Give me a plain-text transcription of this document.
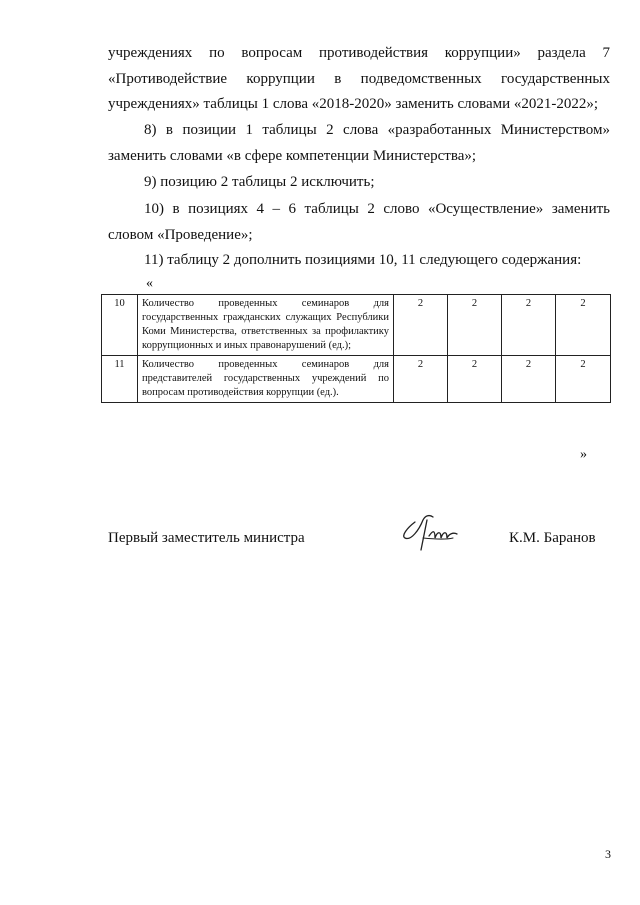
учреждениях по вопросам противодействия коррупции» раздела 7 «Противодействие коррупции в подведомственных государственных учреждениях» таблицы 1 слова «2018-2020» заменить словами «2021-2022»;

8) в позиции 1 таблицы 2 слова «разработанных Министерством» заменить словами «в сфере компетенции Министерства»;

9) позицию 2 таблицы 2 исключить;

10) в позициях 4 – 6 таблицы 2 слово «Осуществление» заменить словом «Проведение»;

11) таблицу 2 дополнить позициями 10, 11 следующего содержания:

«
10	Количество проведенных семинаров для государственных гражданских служащих Республики Коми Министерства, ответственных за профилактику коррупционных и иных правонарушений (ед.);	2	2	2	2
11	Количество проведенных семинаров для представителей государственных учреждений по вопросам противодействия коррупции (ед.).	2	2	2	2
»
Первый заместитель министра	К.М. Баранов
3
